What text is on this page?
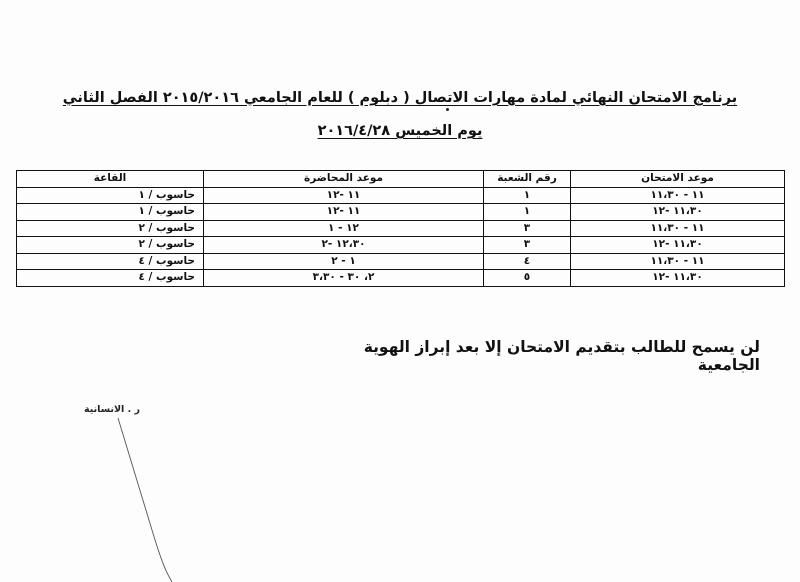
برنامج الامتحان النهائي لمادة مهارات الاتصال ( دبلوم ) للعام الجامعي ٢٠١٥/٢٠١٦ الفصل الثاني
يوم الخميس ٢٠١٦/٤/٢٨
موعد الامتحان	رقم الشعبة	موعد المحاضرة	القاعة
١١ - ١١،٣٠	١	١١ -١٢	حاسوب / ١
١١،٣٠ -١٢	١	١١ -١٢	حاسوب / ١
١١ - ١١،٣٠	٣	١٢ - ١	حاسوب / ٢
١١،٣٠ -١٢	٣	١٢،٣٠ -٢	حاسوب / ٢
١١ - ١١،٣٠	٤	١ - ٢	حاسوب / ٤
١١،٣٠ -١٢	٥	٢، ٣٠ - ٣،٣٠	حاسوب / ٤
لن يسمح للطالب بتقديم الامتحان إلا بعد إبراز الهوية الجامعية
ر . الانسانية
